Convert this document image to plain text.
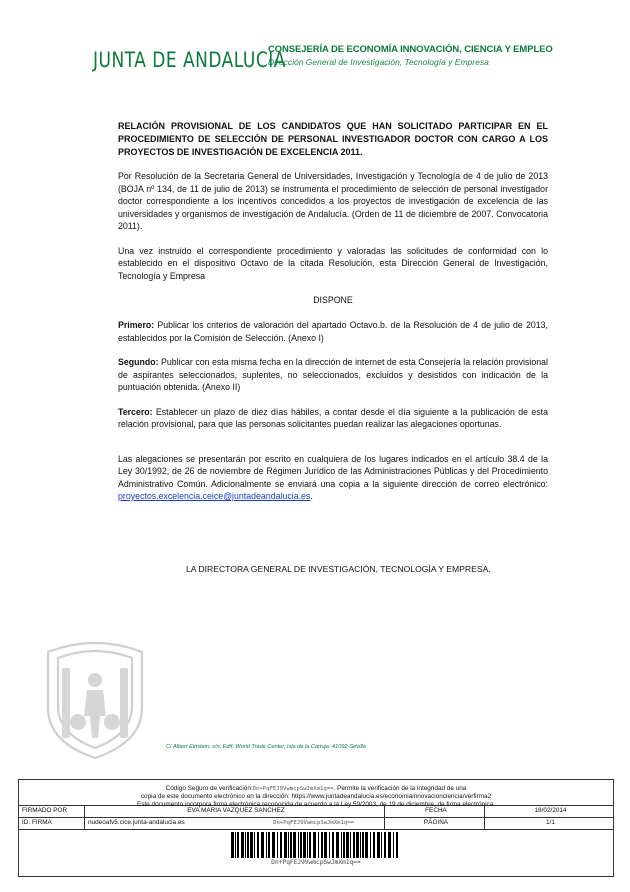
JUNTA DE ANDALUCIA
CONSEJERÍA DE ECONOMÍA INNOVACIÓN, CIENCIA Y EMPLEO
Dirección General de Investigación, Tecnología y Empresa
RELACIÓN PROVISIONAL DE LOS CANDIDATOS QUE HAN SOLICITADO PARTICIPAR EN EL PROCEDIMIENTO DE SELECCIÓN DE PERSONAL INVESTIGADOR DOCTOR CON CARGO A LOS PROYECTOS DE INVESTIGACIÓN DE EXCELENCIA 2011.

Por Resolución de la Secretaria General de Universidades, Investigación y Tecnología de 4 de julio de 2013 (BOJA nº 134, de 11 de julio de 2013) se instrumenta el procedimiento de selección de personal investigador doctor correspondiente a los incentivos concedidos a los proyectos de investigación de excelencia de las universidades y organismos de investigación de Andalucía. (Orden de 11 de diciembre de 2007. Convocatoria 2011).

Una vez instruido el correspondiente procedimiento y valoradas las solicitudes de conformidad con lo establecido en el dispositivo Octavo de la citada Resolución, esta Dirección General de Investigación, Tecnología y Empresa

DISPONE

Primero: Publicar los criterios de valoración del apartado Octavo.b. de la Resolución de 4 de julio de 2013, establecidos por la Comisión de Selección. (Anexo I)

Segundo: Publicar con esta misma fecha en la dirección de internet de esta Consejería la relación provisional de aspirantes seleccionados, suplentes, no seleccionados, excluidos y desistidos con indicación de la puntuación obtenida. (Anexo II)

Tercero: Establecer un plazo de diez días hábiles, a contar desde el día siguiente a la publicación de esta relación provisional, para que las personas solicitantes puedan realizar las alegaciones oportunas.

Las alegaciones se presentarán por escrito en cualquiera de los lugares indicados en el artículo 38.4 de la Ley 30/1992, de 26 de noviembre de Régimen Jurídico de las Administraciones Públicas y del Procedimiento Administrativo Común. Adicionalmente se enviará una copia a la siguiente dirección de correo electrónico: proyectos.excelencia.ceice@juntadeandalucia.es.

LA DIRECTORA GENERAL DE INVESTIGACIÓN, TECNOLOGÍA Y EMPRESA.
C/ Albert Einstein, s/n, Edif. World Trade Center, Isla de la Cartuja. 41092-Sevilla
Código Seguro de verificación:Dn+PqFEJ9VwmcpSwJmXm1q==. Permite la verificación de la integridad de una
copia de este documento electrónico en la dirección: https://www.juntadeandalucia.es/economiainnovacionciencia/verfirma2
Este documento incorpora firma electrónica reconocida de acuerdo a la Ley 59/2003, de 19 de diciembre, de firma electrónica.
FIRMADO POR	EVA MARIA VAZQUEZ SANCHEZ	FECHA	18/02/2014
ID. FIRMA	nudeoafv5.cice.junta-andalucia.es	Dn+PqFEJ9VwmcpSwJmXm1q==	PÁGINA	1/1
Dn+PqFEJ9VwmcpSwJmXm1q==
